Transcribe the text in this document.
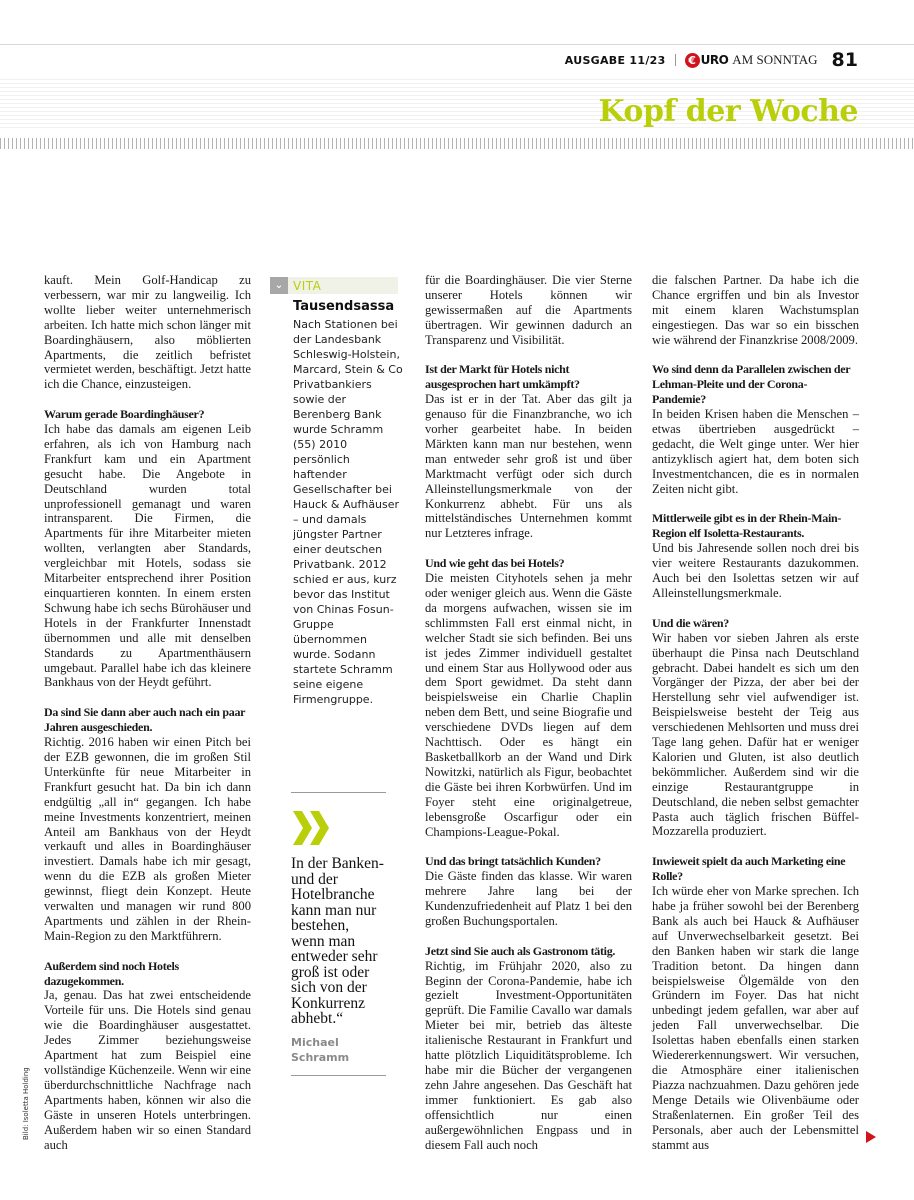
AUSGABE 11/23	€ URO AM SONNTAG 81
Kopf der Woche

kauft. Mein Golf-Handicap zu verbessern, war mir zu langweilig. Ich wollte lieber weiter unternehmerisch arbeiten. Ich hatte mich schon länger mit Boardinghäusern, also möblierten Apartments, die zeitlich befristet vermietet werden, beschäftigt. Jetzt hatte ich die Chance, einzusteigen.

Warum gerade Boardinghäuser?

Ich habe das damals am eigenen Leib erfahren, als ich von Hamburg nach Frankfurt kam und ein Apartment gesucht habe. Die Angebote in Deutschland wurden total unprofessionell gemanagt und waren intransparent. Die Firmen, die Apartments für ihre Mitarbeiter mieten wollten, verlangten aber Standards, vergleichbar mit Hotels, sodass sie Mitarbeiter entsprechend ihrer Position einquartieren konnten. In einem ersten Schwung habe ich sechs Bürohäuser und Hotels in der Frankfurter Innenstadt übernommen und alle mit denselben Standards zu Apartmenthäusern umgebaut. Parallel habe ich das kleinere Bankhaus von der Heydt geführt.

Da sind Sie dann aber auch nach ein paar Jahren ausgeschieden.

Richtig. 2016 haben wir einen Pitch bei der EZB gewonnen, die im großen Stil Unterkünfte für neue Mitarbeiter in Frankfurt gesucht hat. Da bin ich dann endgültig „all in“ gegangen. Ich habe meine Investments konzentriert, meinen Anteil am Bankhaus von der Heydt verkauft und alles in Boardinghäuser investiert. Damals habe ich mir gesagt, wenn du die EZB als großen Mieter gewinnst, fliegt dein Konzept. Heute verwalten und managen wir rund 800 Apartments und zählen in der Rhein-Main-Region zu den Marktführern.

Außerdem sind noch Hotels dazugekommen.

Ja, genau. Das hat zwei entscheidende Vorteile für uns. Die Hotels sind genau wie die Boardinghäuser ausgestattet. Jedes Zimmer beziehungsweise Apartment hat zum Beispiel eine vollständige Küchenzeile. Wenn wir eine überdurchschnittliche Nachfrage nach Apartments haben, können wir also die Gäste in unseren Hotels unterbringen. Außerdem haben wir so einen Standard auch

⌄ VITA
Tausendsassa
Nach Stationen bei der Landesbank Schleswig-Holstein, Marcard, Stein & Co Privatbankiers sowie der Berenberg Bank wurde Schramm (55) 2010 persönlich haftender Gesellschafter bei Hauck & Aufhäuser – und damals jüngster Partner einer deutschen Privatbank. 2012 schied er aus, kurz bevor das Institut von Chinas Fosun-Gruppe übernommen wurde. Sodann startete Schramm seine eigene Firmengruppe.
In der Banken- und der Hotelbranche kann man nur bestehen, wenn man entweder sehr groß ist oder sich von der Konkurrenz abhebt.“
Michael
Schramm

für die Boardinghäuser. Die vier Sterne unserer Hotels können wir gewissermaßen auf die Apartments übertragen. Wir gewinnen dadurch an Transparenz und Visibilität.

Ist der Markt für Hotels nicht ausgesprochen hart umkämpft?

Das ist er in der Tat. Aber das gilt ja genauso für die Finanzbranche, wo ich vorher gearbeitet habe. In beiden Märkten kann man nur bestehen, wenn man entweder sehr groß ist und über Marktmacht verfügt oder sich durch Alleinstellungsmerkmale von der Konkurrenz abhebt. Für uns als mittelständisches Unternehmen kommt nur Letzteres infrage.

Und wie geht das bei Hotels?

Die meisten Cityhotels sehen ja mehr oder weniger gleich aus. Wenn die Gäste da morgens aufwachen, wissen sie im schlimmsten Fall erst einmal nicht, in welcher Stadt sie sich befinden. Bei uns ist jedes Zimmer individuell gestaltet und einem Star aus Hollywood oder aus dem Sport gewidmet. Da steht dann beispielsweise ein Charlie Chaplin neben dem Bett, und seine Biografie und verschiedene DVDs liegen auf dem Nachttisch. Oder es hängt ein Basketballkorb an der Wand und Dirk Nowitzki, natürlich als Figur, beobachtet die Gäste bei ihren Korbwürfen. Und im Foyer steht eine originalgetreue, lebensgroße Oscarfigur oder ein Champions-League-Pokal.

Und das bringt tatsächlich Kunden?

Die Gäste finden das klasse. Wir waren mehrere Jahre lang bei der Kundenzufriedenheit auf Platz 1 bei den großen Buchungsportalen.

Jetzt sind Sie auch als Gastronom tätig.

Richtig, im Frühjahr 2020, also zu Beginn der Corona-Pandemie, habe ich gezielt Investment-Opportunitäten geprüft. Die Familie Cavallo war damals Mieter bei mir, betrieb das älteste italienische Restaurant in Frankfurt und hatte plötzlich Liquiditätsprobleme. Ich habe mir die Bücher der vergangenen zehn Jahre angesehen. Das Geschäft hat immer funktioniert. Es gab also offensichtlich nur einen außergewöhnlichen Engpass und in diesem Fall auch noch

die falschen Partner. Da habe ich die Chance ergriffen und bin als Investor mit einem klaren Wachstumsplan eingestiegen. Das war so ein bisschen wie während der Finanzkrise 2008/2009.

Wo sind denn da Parallelen zwischen der Lehman-Pleite und der Corona-Pandemie?

In beiden Krisen haben die Menschen – etwas übertrieben ausgedrückt – gedacht, die Welt ginge unter. Wer hier antizyklisch agiert hat, dem boten sich Investmentchancen, die es in normalen Zeiten nicht gibt.

Mittlerweile gibt es in der Rhein-Main-Region elf Isoletta-Restaurants.

Und bis Jahresende sollen noch drei bis vier weitere Restaurants dazukommen. Auch bei den Isolettas setzen wir auf Alleinstellungsmerkmale.

Und die wären?

Wir haben vor sieben Jahren als erste überhaupt die Pinsa nach Deutschland gebracht. Dabei handelt es sich um den Vorgänger der Pizza, der aber bei der Herstellung sehr viel aufwendiger ist. Beispielsweise besteht der Teig aus verschiedenen Mehlsorten und muss drei Tage lang gehen. Dafür hat er weniger Kalorien und Gluten, ist also deutlich bekömmlicher. Außerdem sind wir die einzige Restaurantgruppe in Deutschland, die neben selbst gemachter Pasta auch täglich frischen Büffel-Mozzarella produziert.

Inwieweit spielt da auch Marketing eine Rolle?

Ich würde eher von Marke sprechen. Ich habe ja früher sowohl bei der Berenberg Bank als auch bei Hauck & Aufhäuser auf Unverwechselbarkeit gesetzt. Bei den Banken haben wir stark die lange Tradition betont. Da hingen dann beispielsweise Ölgemälde von den Gründern im Foyer. Das hat nicht unbedingt jedem gefallen, war aber auf jeden Fall unverwechselbar. Die Isolettas haben ebenfalls einen starken Wiedererkennungswert. Wir versuchen, die Atmosphäre einer italienischen Piazza nachzuahmen. Dazu gehören jede Menge Details wie Olivenbäume oder Straßenlaternen. Ein großer Teil des Personals, aber auch der Lebensmittel stammt aus

Bild: Isoletta Holding
